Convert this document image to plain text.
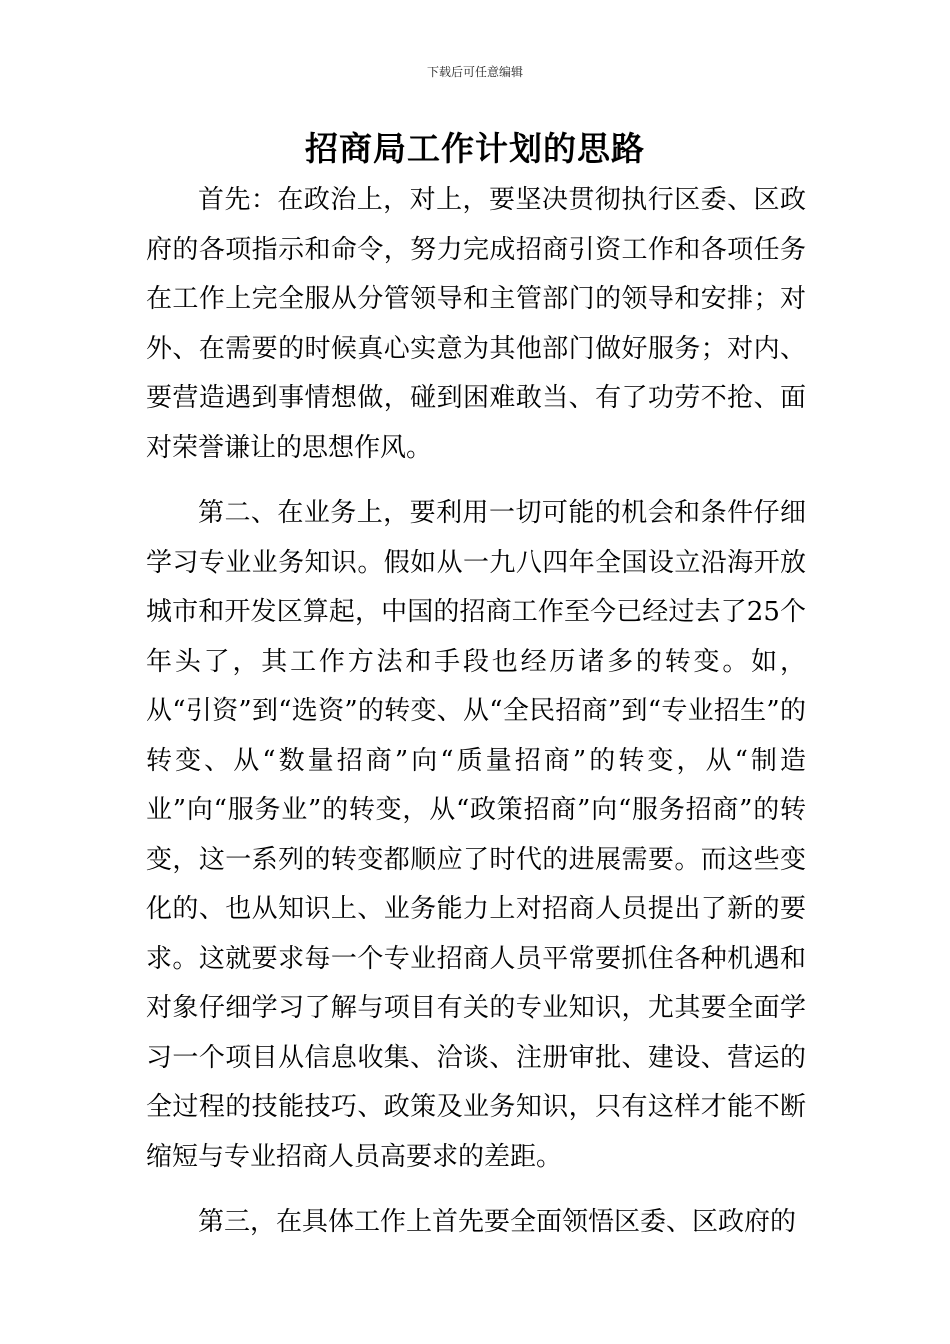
下载后可任意编辑
招商局工作计划的思路

首先：在政治上，对上，要坚决贯彻执行区委、区政府的各项指示和命令，努力完成招商引资工作和各项任务在工作上完全服从分管领导和主管部门的领导和安排；对外、在需要的时候真心实意为其他部门做好服务；对内、要营造遇到事情想做，碰到困难敢当、有了功劳不抢、面对荣誉谦让的思想作风。

第二、在业务上，要利用一切可能的机会和条件仔细学习专业业务知识。假如从一九八四年全国设立沿海开放城市和开发区算起，中国的招商工作至今已经过去了25个年头了，其工作方法和手段也经历诸多的转变。如，从“引资”到“选资”的转变、从“全民招商”到“专业招生”的转变、从“数量招商”向“质量招商”的转变，从“制造业”向“服务业”的转变，从“政策招商”向“服务招商”的转变，这一系列的转变都顺应了时代的进展需要。而这些变化的、也从知识上、业务能力上对招商人员提出了新的要求。这就要求每一个专业招商人员平常要抓住各种机遇和对象仔细学习了解与项目有关的专业知识，尤其要全面学习一个项目从信息收集、洽谈、注册审批、建设、营运的全过程的技能技巧、政策及业务知识，只有这样才能不断缩短与专业招商人员高要求的差距。

第三，在具体工作上首先要全面领悟区委、区政府的
